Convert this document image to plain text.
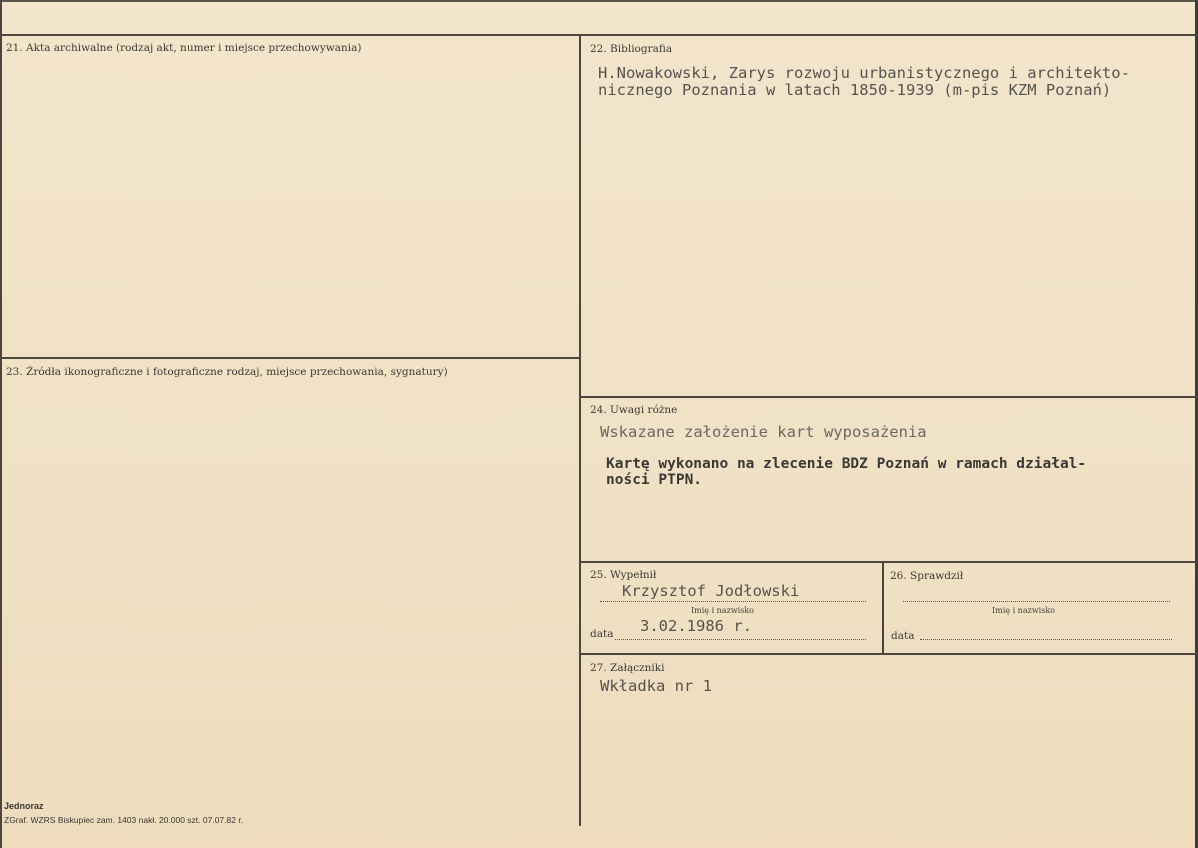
21. Akta archiwalne (rodzaj akt, numer i miejsce przechowywania)	22. Bibliografia
H.Nowakowski, Zarys rozwoju urbanistycznego i architekto-
nicznego Poznania w latach 1850-1939 (m-pis KZM Poznań)
23. Źródła ikonograficzne i fotograficzne rodzaj, miejsce przechowania, sygnatury)
24. Uwagi różne
Wskazane założenie kart wyposażenia
Kartę wykonano na zlecenie BDZ Poznań w ramach działal-
ności PTPN.
25. Wypełnił
Krzysztof Jodłowski
Imię i nazwisko
data 3.02.1986 r.
26. Sprawdził
Imię i nazwisko
data
27. Załączniki
Wkładka nr 1
Jednoraz
ZGraf. WZRS Biskupiec zam. 1403 nakł. 20.000 szt. 07.07.82 r.
